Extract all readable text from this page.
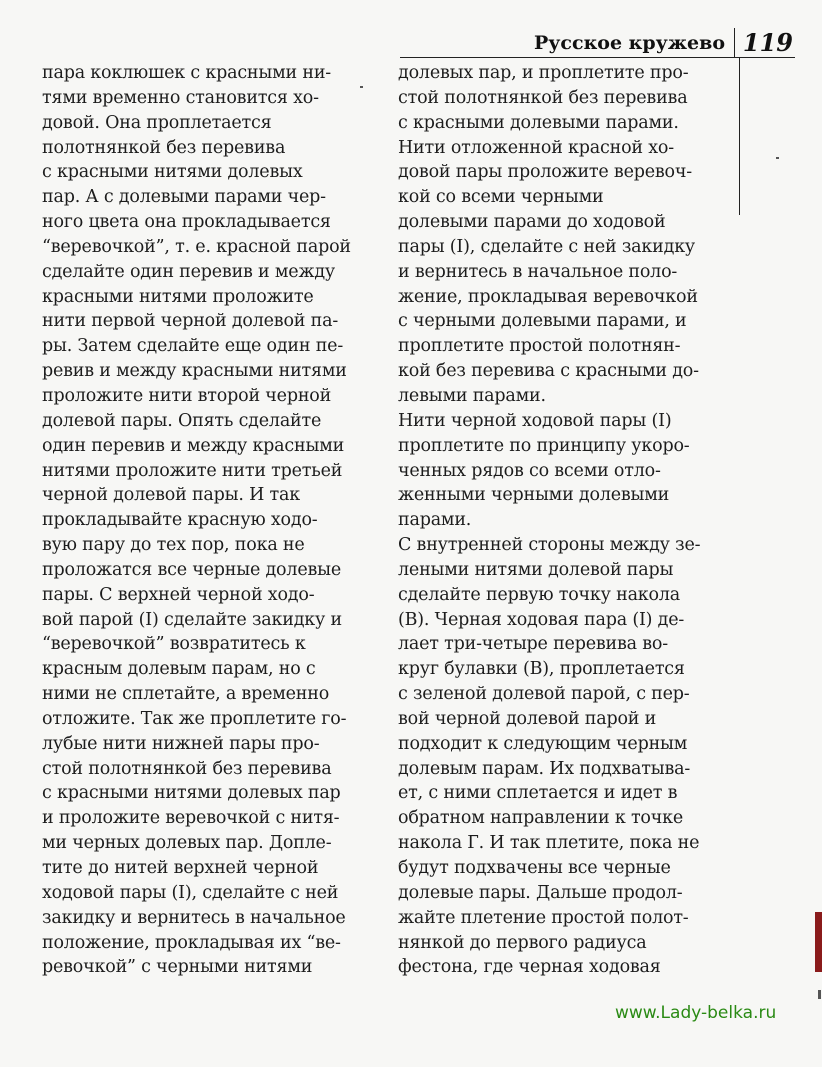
Русское кружево 119
пара коклюшек с красными ни-
тями временно становится хо-
довой. Она проплетается
полотнянкой без перевива
с красными нитями долевых
пар. А с долевыми парами чер-
ного цвета она прокладывается
“веревочкой”, т. е. красной парой
сделайте один перевив и между
красными нитями проложите
нити первой черной долевой па-
ры. Затем сделайте еще один пе-
ревив и между красными нитями
проложите нити второй черной
долевой пары. Опять сделайте
один перевив и между красными
нитями проложите нити третьей
черной долевой пары. И так
прокладывайте красную ходо-
вую пару до тех пор, пока не
проложатся все черные долевые
пары. С верхней черной ходо-
вой парой (I) сделайте закидку и
“веревочкой” возвратитесь к
красным долевым парам, но с
ними не сплетайте, а временно
отложите. Так же проплетите го-
лубые нити нижней пары про-
стой полотнянкой без перевива
с красными нитями долевых пар
и проложите веревочкой с нитя-
ми черных долевых пар. Допле-
тите до нитей верхней черной
ходовой пары (I), сделайте с ней
закидку и вернитесь в начальное
положение, прокладывая их “ве-
ревочкой” с черными нитями
долевых пар, и проплетите про-
стой полотнянкой без перевива
с красными долевыми парами.
Нити отложенной красной хо-
довой пары проложите веревоч-
кой со всеми черными
долевыми парами до ходовой
пары (I), сделайте с ней закидку
и вернитесь в начальное поло-
жение, прокладывая веревочкой
с черными долевыми парами, и
проплетите простой полотнян-
кой без перевива с красными до-
левыми парами.
Нити черной ходовой пары (I)
проплетите по принципу укоро-
ченных рядов со всеми отло-
женными черными долевыми
парами.
С внутренней стороны между зе-
леными нитями долевой пары
сделайте первую точку накола
(В). Черная ходовая пара (I) де-
лает три-четыре перевива во-
круг булавки (В), проплетается
с зеленой долевой парой, с пер-
вой черной долевой парой и
подходит к следующим черным
долевым парам. Их подхватыва-
ет, с ними сплетается и идет в
обратном направлении к точке
накола Г. И так плетите, пока не
будут подхвачены все черные
долевые пары. Дальше продол-
жайте плетение простой полот-
нянкой до первого радиуса
фестона, где черная ходовая
www.Lady-belka.ru
